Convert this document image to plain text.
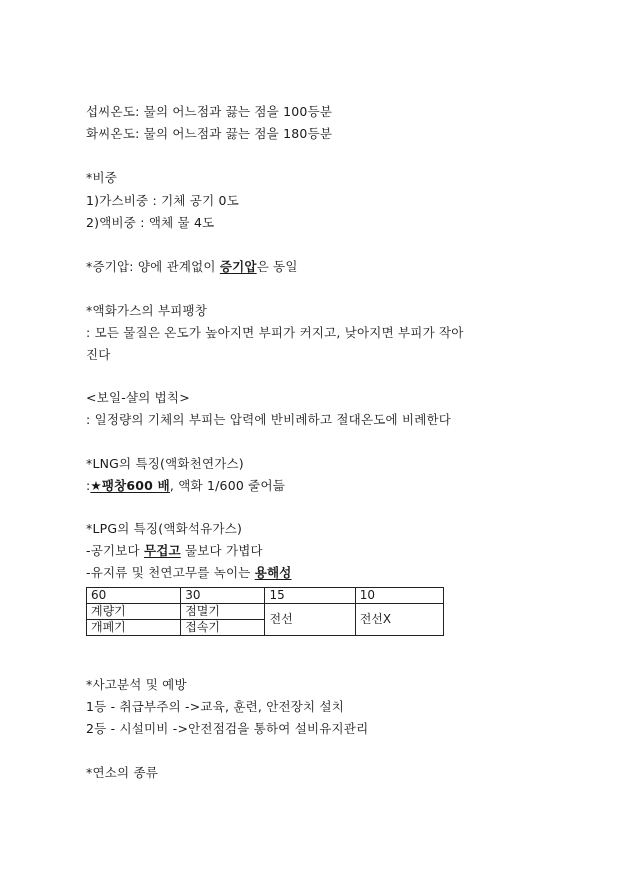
섭씨온도: 물의 어느점과 끓는 점을 100등분
화씨온도: 물의 어느점과 끓는 점을 180등분
*비중
1)가스비중 : 기체 공기 0도
2)액비중 : 액체 물 4도
*증기압: 양에 관계없이 증기압은 동일
*액화가스의 부피팽창
: 모든 물질은 온도가 높아지면 부피가 커지고, 낮아지면 부피가 작아
진다
<보일-샬의 법칙>
: 일정량의 기체의 부피는 압력에 반비례하고 절대온도에 비례한다
*LNG의 특징(액화천연가스)
:★팽창600 배, 액화 1/600 줄어듦
*LPG의 특징(액화석유가스)
-공기보다 무겁고 물보다 가볍다
-유지류 및 천연고무를 녹이는 용해성
60	30	15	10
계량기	점멸기	전선	전선X
개폐기	접속기		
*사고분석 및 예방
1등 - 취급부주의 ->교육, 훈련, 안전장치 설치
2등 - 시설미비 ->안전점검을 통하여 설비유지관리
*연소의 종류
